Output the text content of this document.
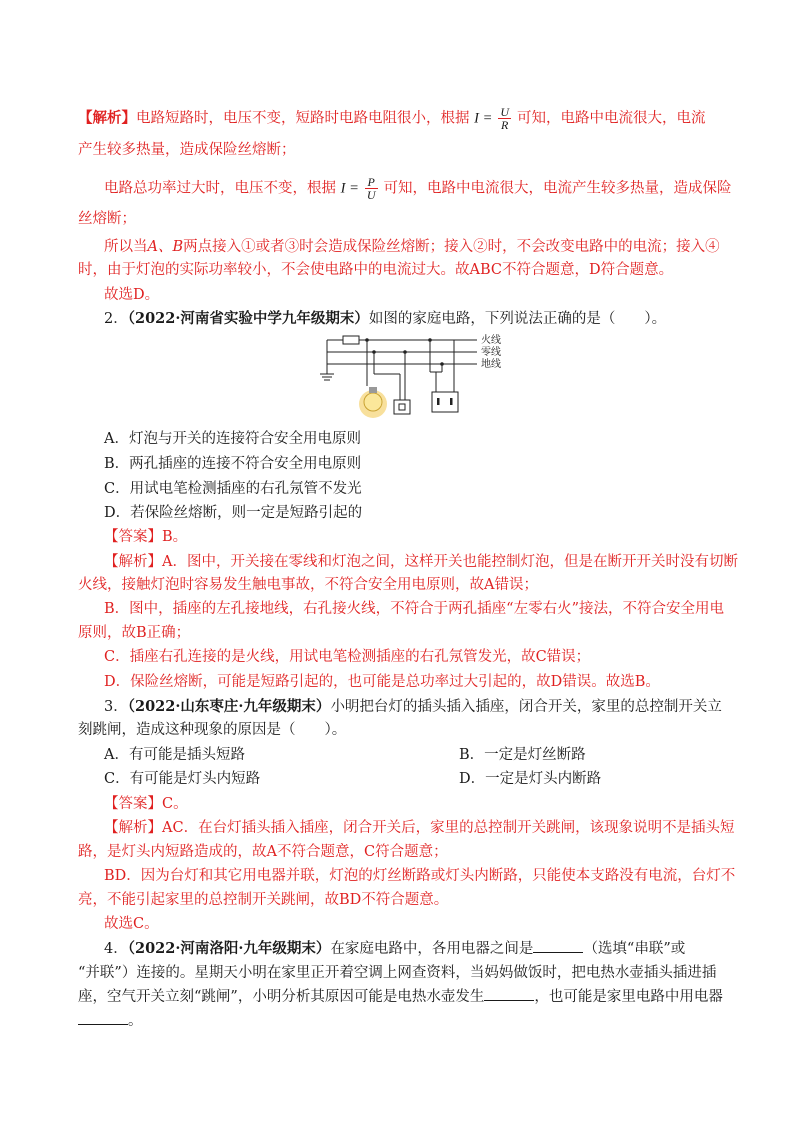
【解析】电路短路时，电压不变，短路时电路电阻很小，根据 $I = \frac{U}{R}$ 可知，电路中电流很大，电流
产生较多热量，造成保险丝熔断；
电路总功率过大时，电压不变，根据 $I = \frac{P}{U}$ 可知，电路中电流很大，电流产生较多热量，造成保险
丝熔断；
所以当A、B两点接入①或者③时会造成保险丝熔断；接入②时，不会改变电路中的电流；接入④
时，由于灯泡的实际功率较小，不会使电路中的电流过大。故ABC不符合题意，D符合题意。
故选D。
2．（2022·河南省实验中学九年级期末）如图的家庭电路，下列说法正确的是（　　）。
火线
零线
地线
A．灯泡与开关的连接符合安全用电原则
B．两孔插座的连接不符合安全用电原则
C．用试电笔检测插座的右孔氖管不发光
D．若保险丝熔断，则一定是短路引起的
【答案】B。
【解析】A．图中，开关接在零线和灯泡之间，这样开关也能控制灯泡，但是在断开开关时没有切断
火线，接触灯泡时容易发生触电事故，不符合安全用电原则，故A错误；
B．图中，插座的左孔接地线，右孔接火线，不符合于两孔插座“左零右火”接法，不符合安全用电
原则，故B正确；
C．插座右孔连接的是火线，用试电笔检测插座的右孔氖管发光，故C错误；
D．保险丝熔断，可能是短路引起的，也可能是总功率过大引起的，故D错误。故选B。
3．（2022·山东枣庄·九年级期末）小明把台灯的插头插入插座，闭合开关，家里的总控制开关立
刻跳闸，造成这种现象的原因是（　　）。
A．有可能是插头短路	B．一定是灯丝断路
C．有可能是灯头内短路	D．一定是灯头内断路
【答案】C。
【解析】AC．在台灯插头插入插座，闭合开关后，家里的总控制开关跳闸，该现象说明不是插头短
路，是灯头内短路造成的，故A不符合题意，C符合题意；
BD．因为台灯和其它用电器并联，灯泡的灯丝断路或灯头内断路，只能使本支路没有电流，台灯不
亮，不能引起家里的总控制开关跳闸，故BD不符合题意。
故选C。
4．（2022·河南洛阳·九年级期末）在家庭电路中，各用电器之间是	（选填“串联”或
“并联”）连接的。星期天小明在家里正开着空调上网查资料，当妈妈做饭时，把电热水壶插头插进插
座，空气开关立刻“跳闸”，小明分析其原因可能是电热水壶发生	，也可能是家里电路中用电器
。
